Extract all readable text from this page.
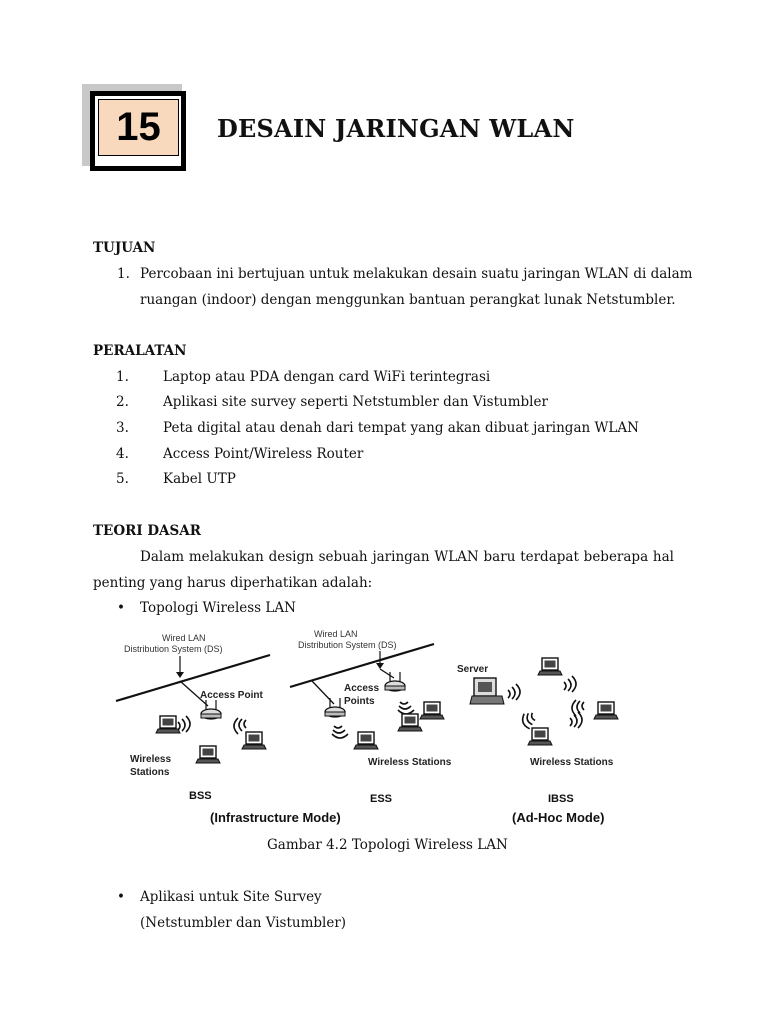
15	DESAIN JARINGAN WLAN
TUJUAN
1. Percobaan ini bertujuan untuk melakukan desain suatu jaringan WLAN di dalam
ruangan (indoor) dengan menggunkan bantuan perangkat lunak Netstumbler.
PERALATAN
1.	Laptop atau PDA dengan card WiFi terintegrasi
2.	Aplikasi site survey seperti Netstumbler dan Vistumbler
3.	Peta digital atau denah dari tempat yang akan dibuat jaringan WLAN
4.	Access Point/Wireless Router
5.	Kabel UTP
TEORI DASAR
Dalam melakukan design sebuah jaringan WLAN baru terdapat beberapa hal
penting yang harus diperhatikan adalah:
• Topologi Wireless LAN
Wired LAN
Distribution System (DS)
Access Point
Wireless
Stations
BSS
Wired LAN
Distribution System (DS)
Access
Points
Wireless Stations
ESS
Server
Wireless Stations
IBSS
(Infrastructure Mode)	(Ad-Hoc Mode)
Gambar 4.2 Topologi Wireless LAN
• Aplikasi untuk Site Survey
(Netstumbler dan Vistumbler)
